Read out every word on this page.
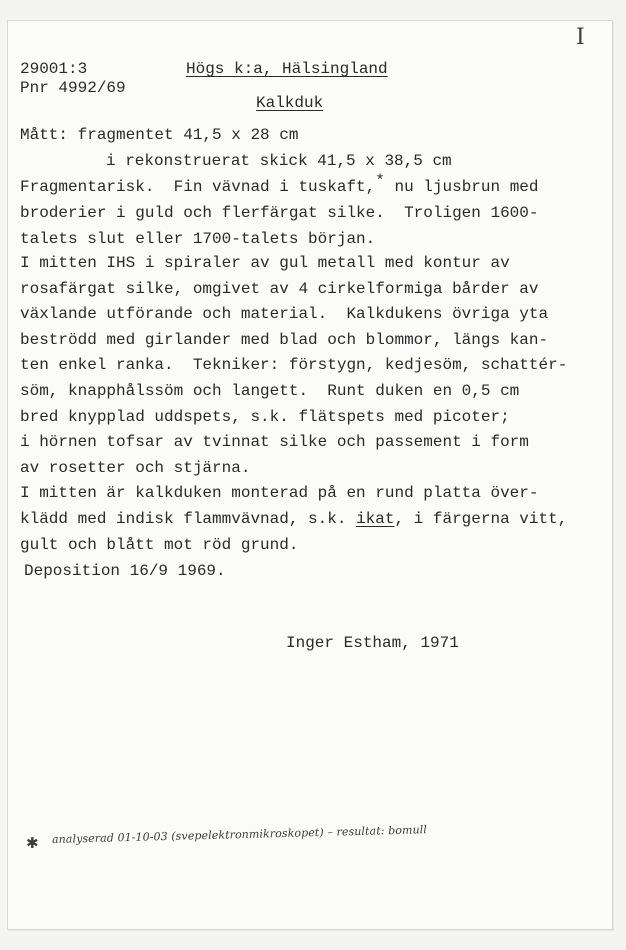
I
29001:3	Högs k:a, Hälsingland
Pnr 4992/69
Kalkduk
Mått: fragmentet 41,5 x 28 cm
i rekonstruerat skick 41,5 x 38,5 cm
Fragmentarisk.  Fin vävnad i tuskaft,* nu ljusbrun med
broderier i guld och flerfärgat silke.  Troligen 1600-
talets slut eller 1700-talets början.
I mitten IHS i spiraler av gul metall med kontur av
rosafärgat silke, omgivet av 4 cirkelformiga bårder av
växlande utförande och material.  Kalkdukens övriga yta
beströdd med girlander med blad och blommor, längs kan-
ten enkel ranka.  Tekniker: förstygn, kedjesöm, schattér-
söm, knapphålssöm och langett.  Runt duken en 0,5 cm
bred knypplad uddspets, s.k. flätspets med picoter;
i hörnen tofsar av tvinnat silke och passement i form
av rosetter och stjärna.
I mitten är kalkduken monterad på en rund platta över-
klädd med indisk flammvävnad, s.k. ikat, i färgerna vitt,
gult och blått mot röd grund.
Deposition 16/9 1969.
Inger Estham, 1971
✱ analyserad 01-10-03 (svepelektronmikroskopet) – resultat: bomull
